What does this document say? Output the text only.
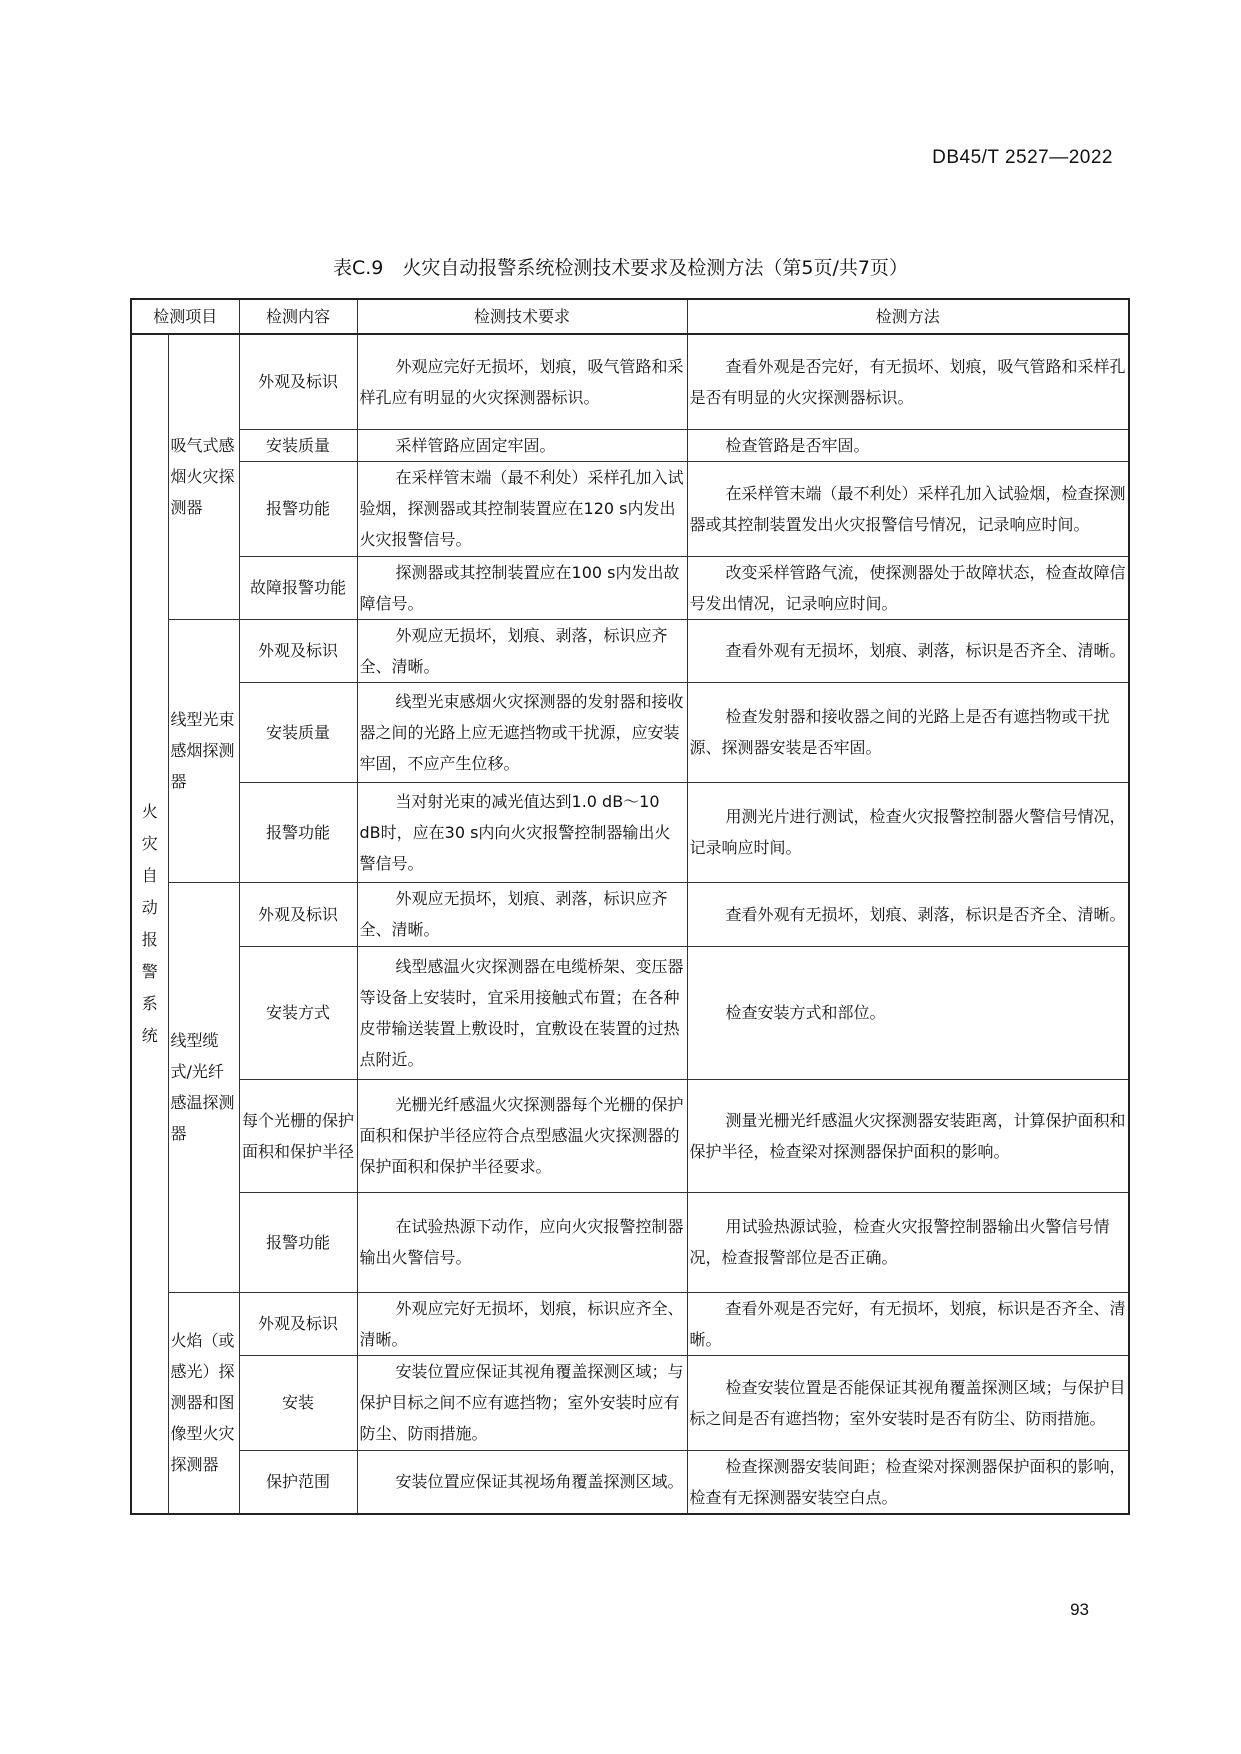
DB45/T 2527—2022
表C.9　火灾自动报警系统检测技术要求及检测方法（第5页/共7页）
检测项目		检测内容	检测技术要求	检测方法
火灾自动报警系统	吸气式感烟火灾探测器	外观及标识	外观应完好无损坏，划痕，吸气管路和采样孔应有明显的火灾探测器标识。	查看外观是否完好，有无损坏、划痕，吸气管路和采样孔是否有明显的火灾探测器标识。
		安装质量	采样管路应固定牢固。	检查管路是否牢固。
		报警功能	在采样管末端（最不利处）采样孔加入试验烟，探测器或其控制装置应在120 s内发出火灾报警信号。	在采样管末端（最不利处）采样孔加入试验烟，检查探测器或其控制装置发出火灾报警信号情况，记录响应时间。
		故障报警功能	探测器或其控制装置应在100 s内发出故障信号。	改变采样管路气流，使探测器处于故障状态，检查故障信号发出情况，记录响应时间。
	线型光束感烟探测器	外观及标识	外观应无损坏，划痕、剥落，标识应齐全、清晰。	查看外观有无损坏，划痕、剥落，标识是否齐全、清晰。
		安装质量	线型光束感烟火灾探测器的发射器和接收器之间的光路上应无遮挡物或干扰源，应安装牢固，不应产生位移。	检查发射器和接收器之间的光路上是否有遮挡物或干扰源、探测器安装是否牢固。
		报警功能	当对射光束的减光值达到1.0 dB～10 dB时，应在30 s内向火灾报警控制器输出火警信号。	用测光片进行测试，检查火灾报警控制器火警信号情况，记录响应时间。
	线型缆式/光纤感温探测器	外观及标识	外观应无损坏，划痕、剥落，标识应齐全、清晰。	查看外观有无损坏，划痕、剥落，标识是否齐全、清晰。
		安装方式	线型感温火灾探测器在电缆桥架、变压器等设备上安装时，宜采用接触式布置；在各种皮带输送装置上敷设时，宜敷设在装置的过热点附近。	检查安装方式和部位。
		每个光栅的保护面积和保护半径	光栅光纤感温火灾探测器每个光栅的保护面积和保护半径应符合点型感温火灾探测器的保护面积和保护半径要求。	测量光栅光纤感温火灾探测器安装距离，计算保护面积和保护半径，检查梁对探测器保护面积的影响。
		报警功能	在试验热源下动作，应向火灾报警控制器输出火警信号。	用试验热源试验，检查火灾报警控制器输出火警信号情况，检查报警部位是否正确。
	火焰（或感光）探测器和图像型火灾探测器	外观及标识	外观应完好无损坏，划痕，标识应齐全、清晰。	查看外观是否完好，有无损坏，划痕，标识是否齐全、清晰。
		安装	安装位置应保证其视角覆盖探测区域；与保护目标之间不应有遮挡物；室外安装时应有防尘、防雨措施。	检查安装位置是否能保证其视角覆盖探测区域；与保护目标之间是否有遮挡物；室外安装时是否有防尘、防雨措施。
		保护范围	安装位置应保证其视场角覆盖探测区域。	检查探测器安装间距；检查梁对探测器保护面积的影响，检查有无探测器安装空白点。
93
